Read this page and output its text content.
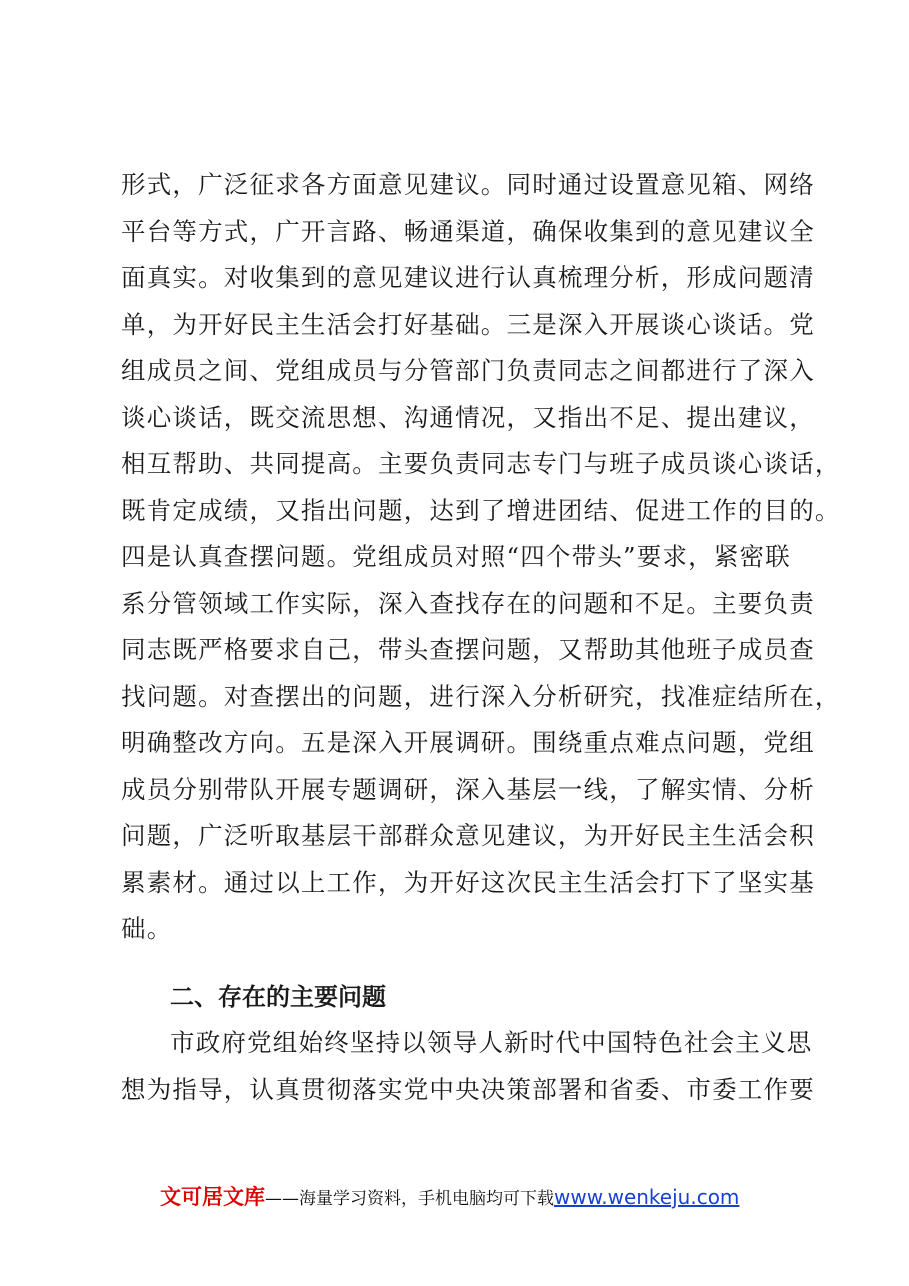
形式，广泛征求各方面意见建议。同时通过设置意见箱、网络
平台等方式，广开言路、畅通渠道，确保收集到的意见建议全
面真实。对收集到的意见建议进行认真梳理分析，形成问题清
单，为开好民主生活会打好基础。三是深入开展谈心谈话。党
组成员之间、党组成员与分管部门负责同志之间都进行了深入
谈心谈话，既交流思想、沟通情况，又指出不足、提出建议，
相互帮助、共同提高。主要负责同志专门与班子成员谈心谈话，
既肯定成绩，又指出问题，达到了增进团结、促进工作的目的。
四是认真查摆问题。党组成员对照“四个带头”要求，紧密联
系分管领域工作实际，深入查找存在的问题和不足。主要负责
同志既严格要求自己，带头查摆问题，又帮助其他班子成员查
找问题。对查摆出的问题，进行深入分析研究，找准症结所在，
明确整改方向。五是深入开展调研。围绕重点难点问题，党组
成员分别带队开展专题调研，深入基层一线，了解实情、分析
问题，广泛听取基层干部群众意见建议，为开好民主生活会积
累素材。通过以上工作，为开好这次民主生活会打下了坚实基
础。
二、存在的主要问题
市政府党组始终坚持以领导人新时代中国特色社会主义思
想为指导，认真贯彻落实党中央决策部署和省委、市委工作要
文可居文库——海量学习资料，手机电脑均可下载www.wenkeju.com
